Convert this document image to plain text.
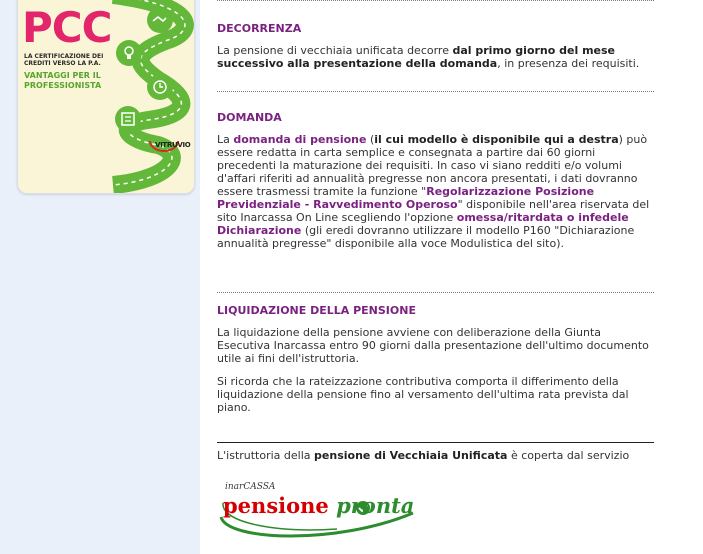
PCC
LA CERTIFICAZIONE DEI CREDITI VERSO LA P.A.
VANTAGGI PER IL PROFESSIONISTA
VITRUVIO
DECORRENZA

La pensione di vecchiaia unificata decorre dal primo giorno del mese successivo alla presentazione della domanda, in presenza dei requisiti.

DOMANDA

La domanda di pensione (il cui modello è disponibile qui a destra) può essere redatta in carta semplice e consegnata a partire dai 60 giorni precedenti la maturazione dei requisiti. In caso vi siano redditi e/o volumi d'affari riferiti ad annualità pregresse non ancora presentati, i dati dovranno essere trasmessi tramite la funzione "Regolarizzazione Posizione Previdenziale - Ravvedimento Operoso" disponibile nell'area riservata del sito Inarcassa On Line scegliendo l'opzione omessa/ritardata o infedele Dichiarazione (gli eredi dovranno utilizzare il modello P160 "Dichiarazione annualità pregresse" disponibile alla voce Modulistica del sito).

LIQUIDAZIONE DELLA PENSIONE

La liquidazione della pensione avviene con deliberazione della Giunta Esecutiva Inarcassa entro 90 giorni dalla presentazione dell'ultimo documento utile ai fini dell'istruttoria.

Si ricorda che la rateizzazione contributiva comporta il differimento della liquidazione della pensione fino al versamento dell'ultima rata prevista dal piano.

L'istruttoria della pensione di Vecchiaia Unificata è coperta dal servizio

inarCASSA
pensione pronta
